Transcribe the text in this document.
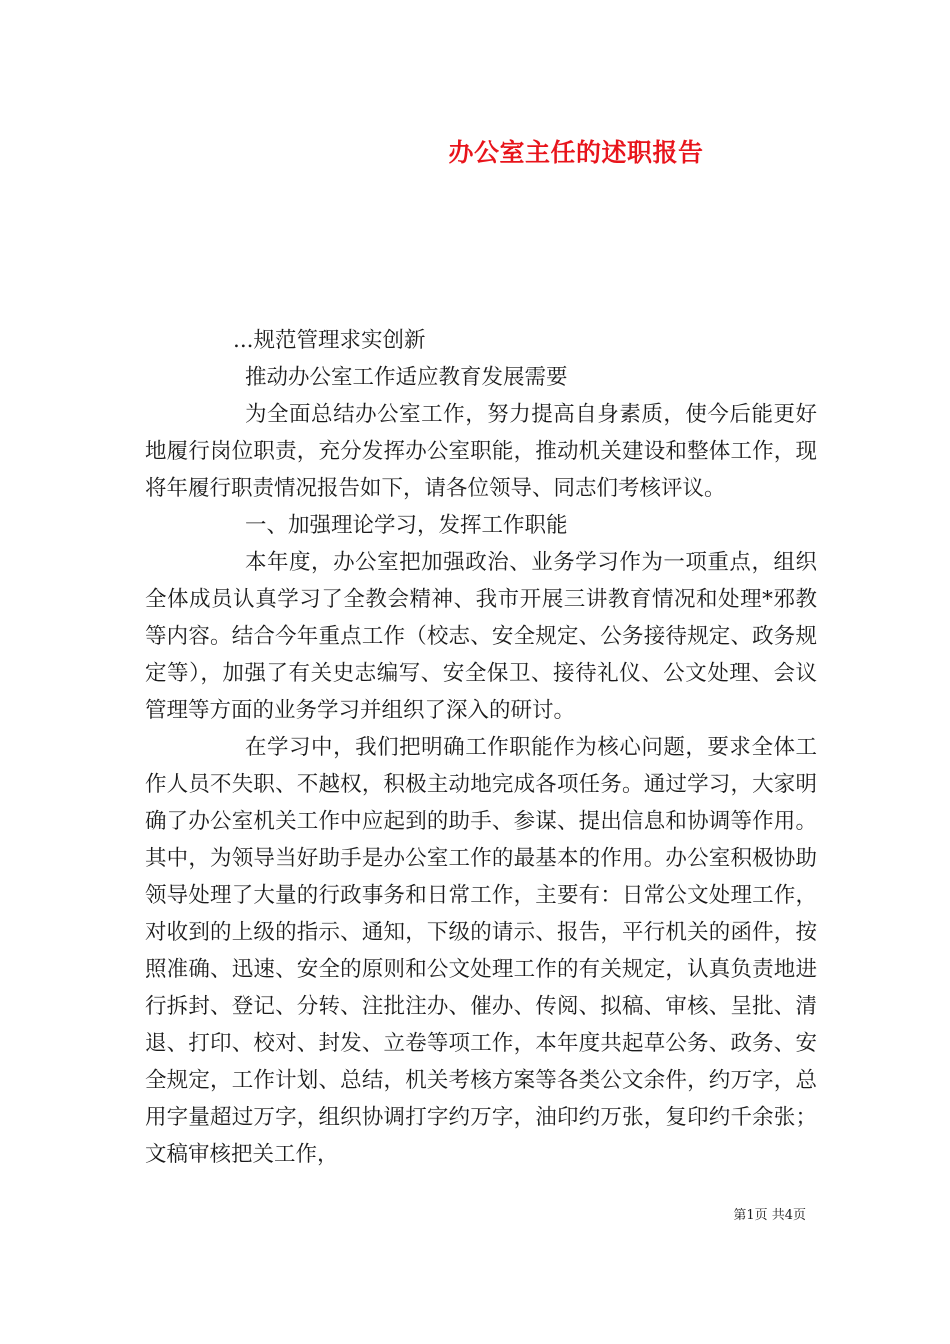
办公室主任的述职报告

...规范管理求实创新

推动办公室工作适应教育发展需要

为全面总结办公室工作，努力提高自身素质，使今后能更好地履行岗位职责，充分发挥办公室职能，推动机关建设和整体工作，现将年履行职责情况报告如下，请各位领导、同志们考核评议。

一、加强理论学习，发挥工作职能

本年度，办公室把加强政治、业务学习作为一项重点，组织全体成员认真学习了全教会精神、我市开展三讲教育情况和处理*邪教等内容。结合今年重点工作（校志、安全规定、公务接待规定、政务规定等），加强了有关史志编写、安全保卫、接待礼仪、公文处理、会议管理等方面的业务学习并组织了深入的研讨。

在学习中，我们把明确工作职能作为核心问题，要求全体工作人员不失职、不越权，积极主动地完成各项任务。通过学习，大家明确了办公室机关工作中应起到的助手、参谋、提出信息和协调等作用。其中，为领导当好助手是办公室工作的最基本的作用。办公室积极协助领导处理了大量的行政事务和日常工作，主要有：日常公文处理工作，对收到的上级的指示、通知，下级的请示、报告，平行机关的函件，按照准确、迅速、安全的原则和公文处理工作的有关规定，认真负责地进行拆封、登记、分转、注批注办、催办、传阅、拟稿、审核、呈批、清退、打印、校对、封发、立卷等项工作，本年度共起草公务、政务、安全规定，工作计划、总结，机关考核方案等各类公文余件，约万字，总用字量超过万字，组织协调打字约万字，油印约万张，复印约千余张；文稿审核把关工作，

第1页 共4页
